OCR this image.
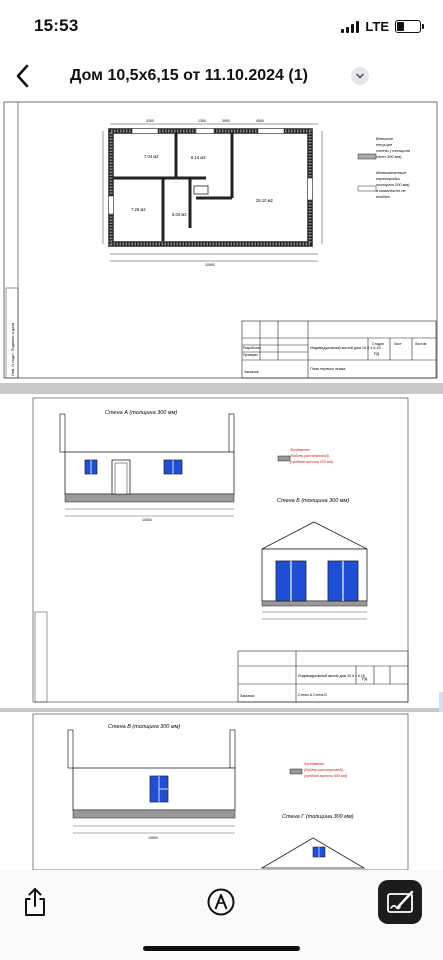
15:53	LTE
Дом 10,5х6,15 от 11.10.2024 (1)
Инв. N подл. Подпись и дата
4300	1350	3950	4500
7.04 м2	6.14 м2
25.10 м2
7.25 м2
5.04 м2
10500
Внешние несущие стены ( толщина стен 300 мм)
Межкомнатные перегородки толщина 200 мм) в комплекте не входят
Индивидуальный жилой дом 10,5 х 6,15
Стадия	Лист	Листов
РД
План первого этажа
Разработал
Проверил
Заказчик
Стена А (толщина 300 мм)
10500
Фундамент (бойлер-рассверливой), (средняя высота 500 мм)
Стена Б (толщина 300 мм)
Индивидуальный жилой дом 10,5 х 6,15
РД
Стены А,Стена Б
Заказчик
Стена В (толщина 300 мм)
10500
Фундамент (бойлер-рассверливой), (средняя высота 500 мм)
Стена Г (толщина 300 мм)
